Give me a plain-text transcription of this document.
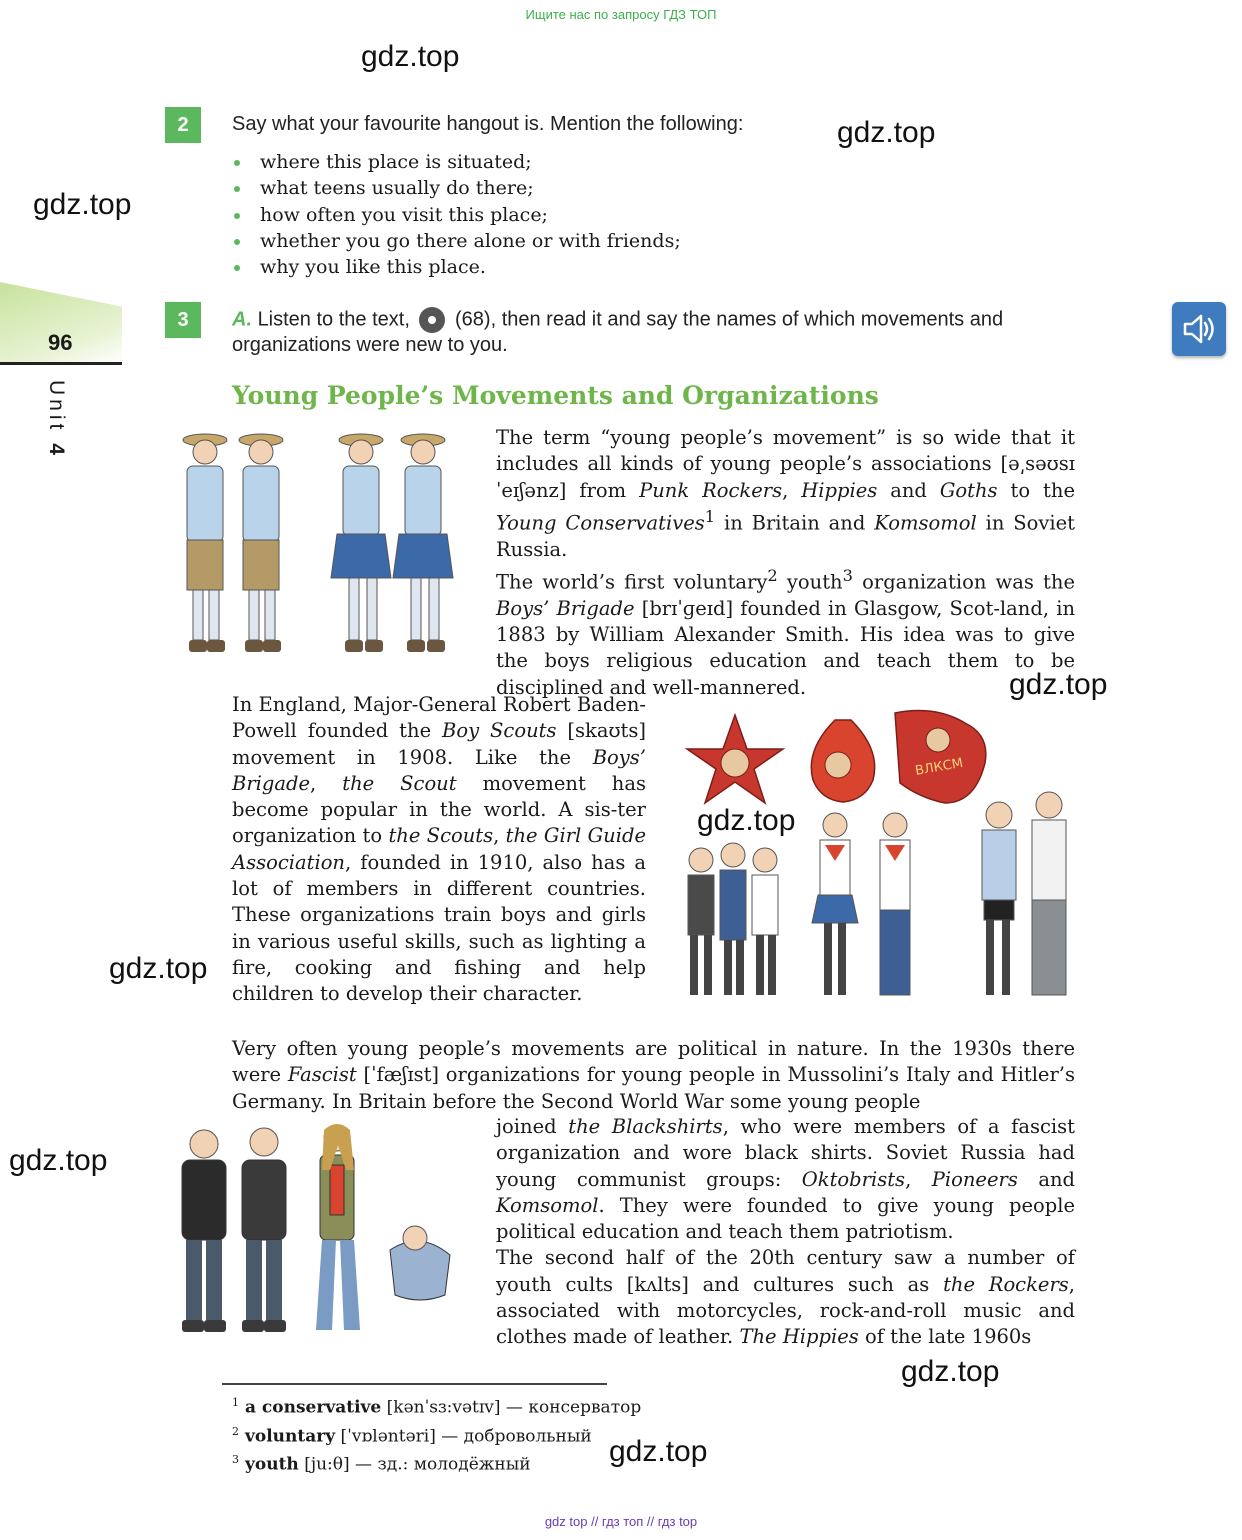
Ищите нас по запросу ГДЗ ТОП
gdz.top
gdz.top
gdz.top
gdz.top
gdz.top
gdz.top
gdz.top
gdz.top
gdz.top
96
Unit 4
2	Say what your favourite hangout is. Mention the following:
where this place is situated;
what teens usually do there;
how often you visit this place;
whether you go there alone or with friends;
why you like this place.
3	A. Listen to the text, (68), then read it and say the names of which movements and
organizations were new to you.
Young People’s Movements and Organizations
The term “young people’s movement” is so wide that it includes all kinds of young people’s associations [ə͵səʊsɪˈeɪʃənz] from Punk Rockers, Hippies and Goths to the Young Conservatives$^1$ in Britain and Komsomol in Soviet Russia.
The world’s first voluntary$^2$ youth$^3$ organization was the Boys’ Brigade [brɪˈɡeɪd] founded in Glasgow, Scot-land, in 1883 by William Alexander Smith. His idea was to give the boys religious education and teach them to be disciplined and well-mannered.
In England, Major-General Robert Baden-Powell founded the Boy Scouts [skaʊts] movement in 1908. Like the Boys’ Brigade, the Scout movement has become popular in the world. A sis-ter organization to the Scouts, the Girl Guide Association, founded in 1910, also has a lot of members in different countries. These organizations train boys and girls in various useful skills, such as lighting a fire, cooking and fishing and help children to develop their character.
ВЛКСМ
Very often young people’s movements are political in nature. In the 1930s there were Fascist [ˈfæʃɪst] organizations for young people in Mussolini’s Italy and Hitler’s Germany. In Britain before the Second World War some young people
joined the Blackshirts, who were members of a fascist organization and wore black shirts. Soviet Russia had young communist groups: Oktobrists, Pioneers and Komsomol. They were founded to give young people political education and teach them patriotism.
The second half of the 20th century saw a number of youth cults [kʌlts] and cultures such as the Rockers, associated with motorcycles, rock-and-roll music and clothes made of leather. The Hippies of the late 1960s
$^1$ a conservative [kənˈsɜ:vətɪv] — консерватор
$^2$ voluntary [ˈvɒləntəri] — добровольный
$^3$ youth [ju:θ] — зд.: молодёжный
gdz top // гдз топ // гдз top
